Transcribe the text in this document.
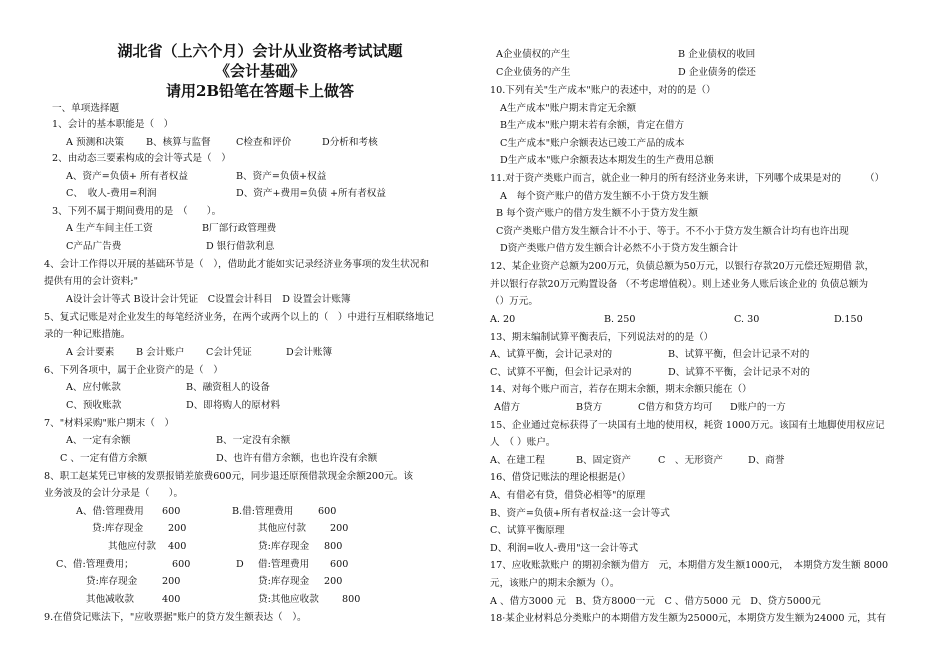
湖北省（上六个月）会计从业资格考试试题
《会计基础》
请用2B铅笔在答题卡上做答
一、单项选择题
1、会计的基本职能是（　）
A 预测和决策 B、核算与监督	C检查和评价	D分析和考核
2、由动态三要素构成的会计等式是（　）
A、资产=负债+ 所有者权益	B、资产=负债+权益
C、　收人-费用=利润	D、资产+费用=负债 +所有者权益
3、下列不属于期间费用的是　（　　）。
A 生产车间主任工资	B厂部行政管理费
C产品广告费	D 银行借款利息
4、会计工作得以开展的基础环节是（　），借助此才能如实记录经济业务事项的发生状况和
提供有用的会计资料;"
A设计会计等式 B设计会计凭证　C设置会计科目　D 设置会计账簿
5、复式记账是对企业发生的每笔经济业务，在两个或两个以上的（　）中进行互相联络地记
录的一种记账措施。
A 会计要素 B 会计账户 C会计凭证	D会计账簿
6、下列各项中，属于企业资产的是（　）
A、应付帐款	B、融资租人的设备
C、预收账款	D、即将购人的原材料
7、"材料采购"账户期末（　）
A、一定有余额	B、一定没有余额
C 、一定有借方余额	D、也许有借方余额，也也许没有余额
8、职工赵某凭已审核的发票报销差旅费600元，同步退还原预借款现金余额200元。该
业务波及的会计分录是（　　）。
A、借:管理费用 600	B.借:管理费用	600
贷:库存现金	200	其他应付款	200
其他应付款 400	贷:库存现金 800
C、借:管理费用；	600	D 借:管理费用 600
贷:库存现金	200	贷:库存现金 200
其他减收款	400	贷:其他应收款 800
9.在借贷记账法下，"应收票据"账户的贷方发生额表达（　）。
A企业债权的产生	B 企业债权的收回
C企业债务的产生	D 企业债务的偿还
10.下列有关"生产成本"账户的表述中，对的的是（）
A生产成本"账户期末肯定无余额
B生产成本"账户期末若有余额，肯定在借方
C生产成本"账户余额表达已竣工产品的成本
D生产成本"账户余额表达本期发生的生产费用总额
11.对于资产类账户而言，就企业一种月的所有经济业务来讲，下列哪个成果是对的　　　（）
A　每个资产账户的借方发生额不小于贷方发生额
B 每个资产账户的借方发生额不小于贷方发生额
C资产类账户借方发生额合计不小于、等于。不不小于贷方发生额合计均有也许出现
D资产类账户借方发生额合计必然不小于贷方发生额合计
12、某企业资产总额为200万元，负债总额为50万元，以银行存款20万元偿还短期借 款，
并以银行存款20万元购置设备 （不考虑增值税）。则上述业务人账后该企业的 负债总额为
（）万元。
A. 20	B. 250	C. 30	D.150
13、期末编制试算平衡表后，下列说法对的的是（）
A、试算平衡，会计记录对的	B、试算平衡，但会计记录不对的
C、试算不平衡，但会计记录对的	D、试算不平衡，会计记录不对的
14、对每个账户而言，若存在期末余额，期末余额只能在（）
A借方	B贷方	C借方和贷方均可 D账户的一方
15、企业通过竞标获得了一块国有土地的使用权，耗资 1000万元。该国有土地脚使用权应记
人　（ ）账户。
A、在建工程	B、固定资产	C　、无形资产	D、商誉
16、借贷记账法的理论根据是(）
A、有借必有贷，借贷必相等"的原理
B、资产=负债+所有者权益:这一会计等式
C、试算平衡原理
D、利润=收人-费用"这一会计等式
17、应收账款账户 的期初余额为借方　元，本期借方发生额1000元，　本期贷方发生额 8000
元，该账户的期末余额为（）。
A 、借方3000 元　B、贷方8000一元　C 、借方5000 元　D、贷方5000元
18·某企业材料总分类账户的本期借方发生额为25000元，本期贷方发生额为24000 元，其有
